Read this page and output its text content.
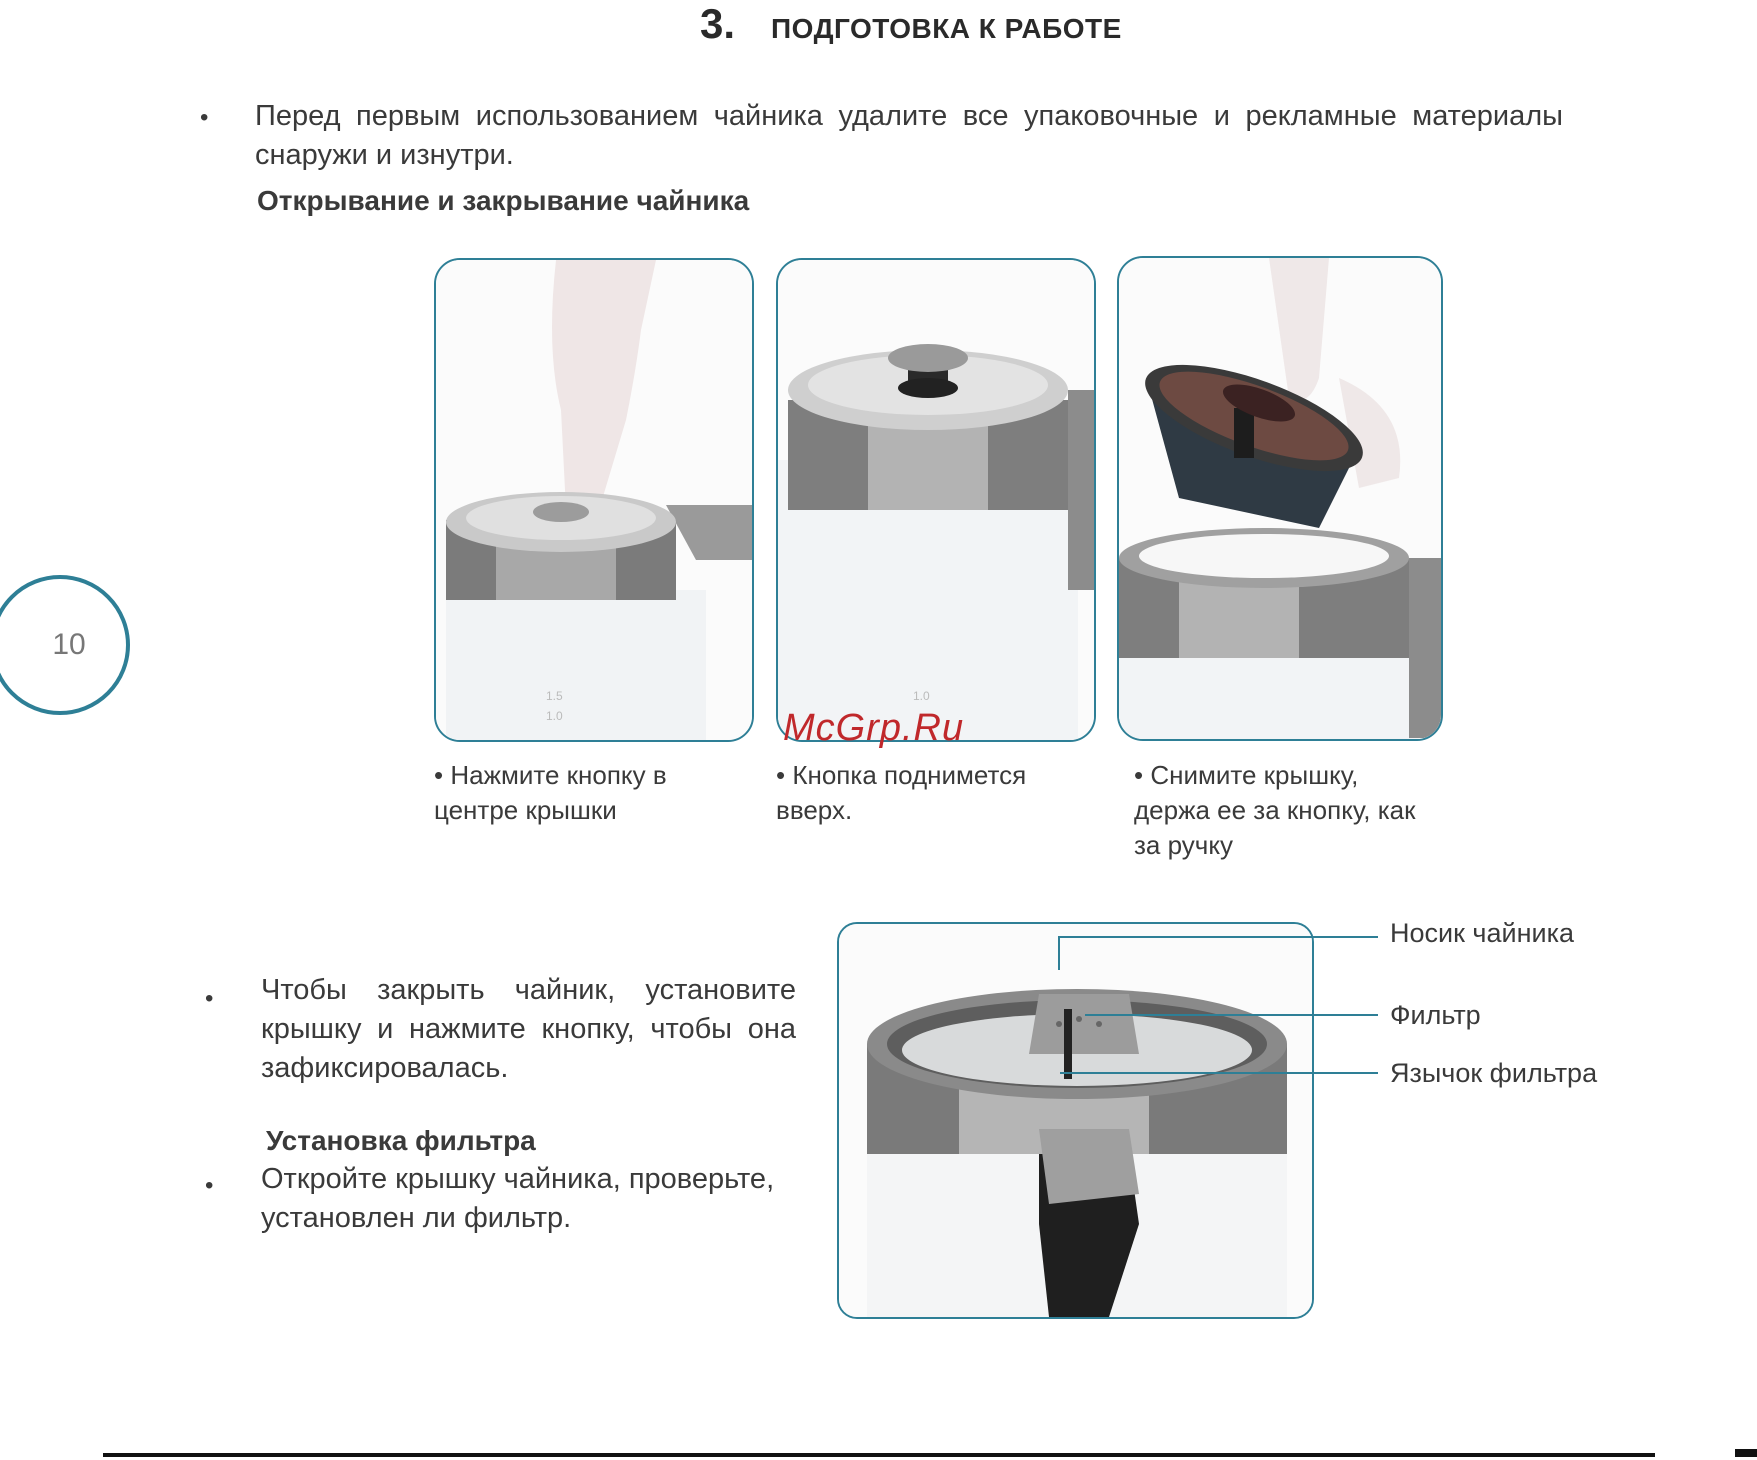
3. ПОДГОТОВКА К РАБОТЕ
• Перед первым использованием чайника удалите все упаковочные и рекламные материалы снаружи и изнутри.
Открывание и закрывание чайника
10
1.5
1.0
1.0
McGrp.Ru
• Нажмите кнопку в центре крышки
• Кнопка поднимется вверх.
• Снимите крышку, держа ее за кнопку, как за ручку
• Чтобы закрыть чайник, установите крышку и нажмите кнопку, чтобы она зафиксировалась.
Установка фильтра
• Откройте крышку чайника, проверьте, установлен ли фильтр.
Носик чайника
Фильтр
Язычок фильтра
